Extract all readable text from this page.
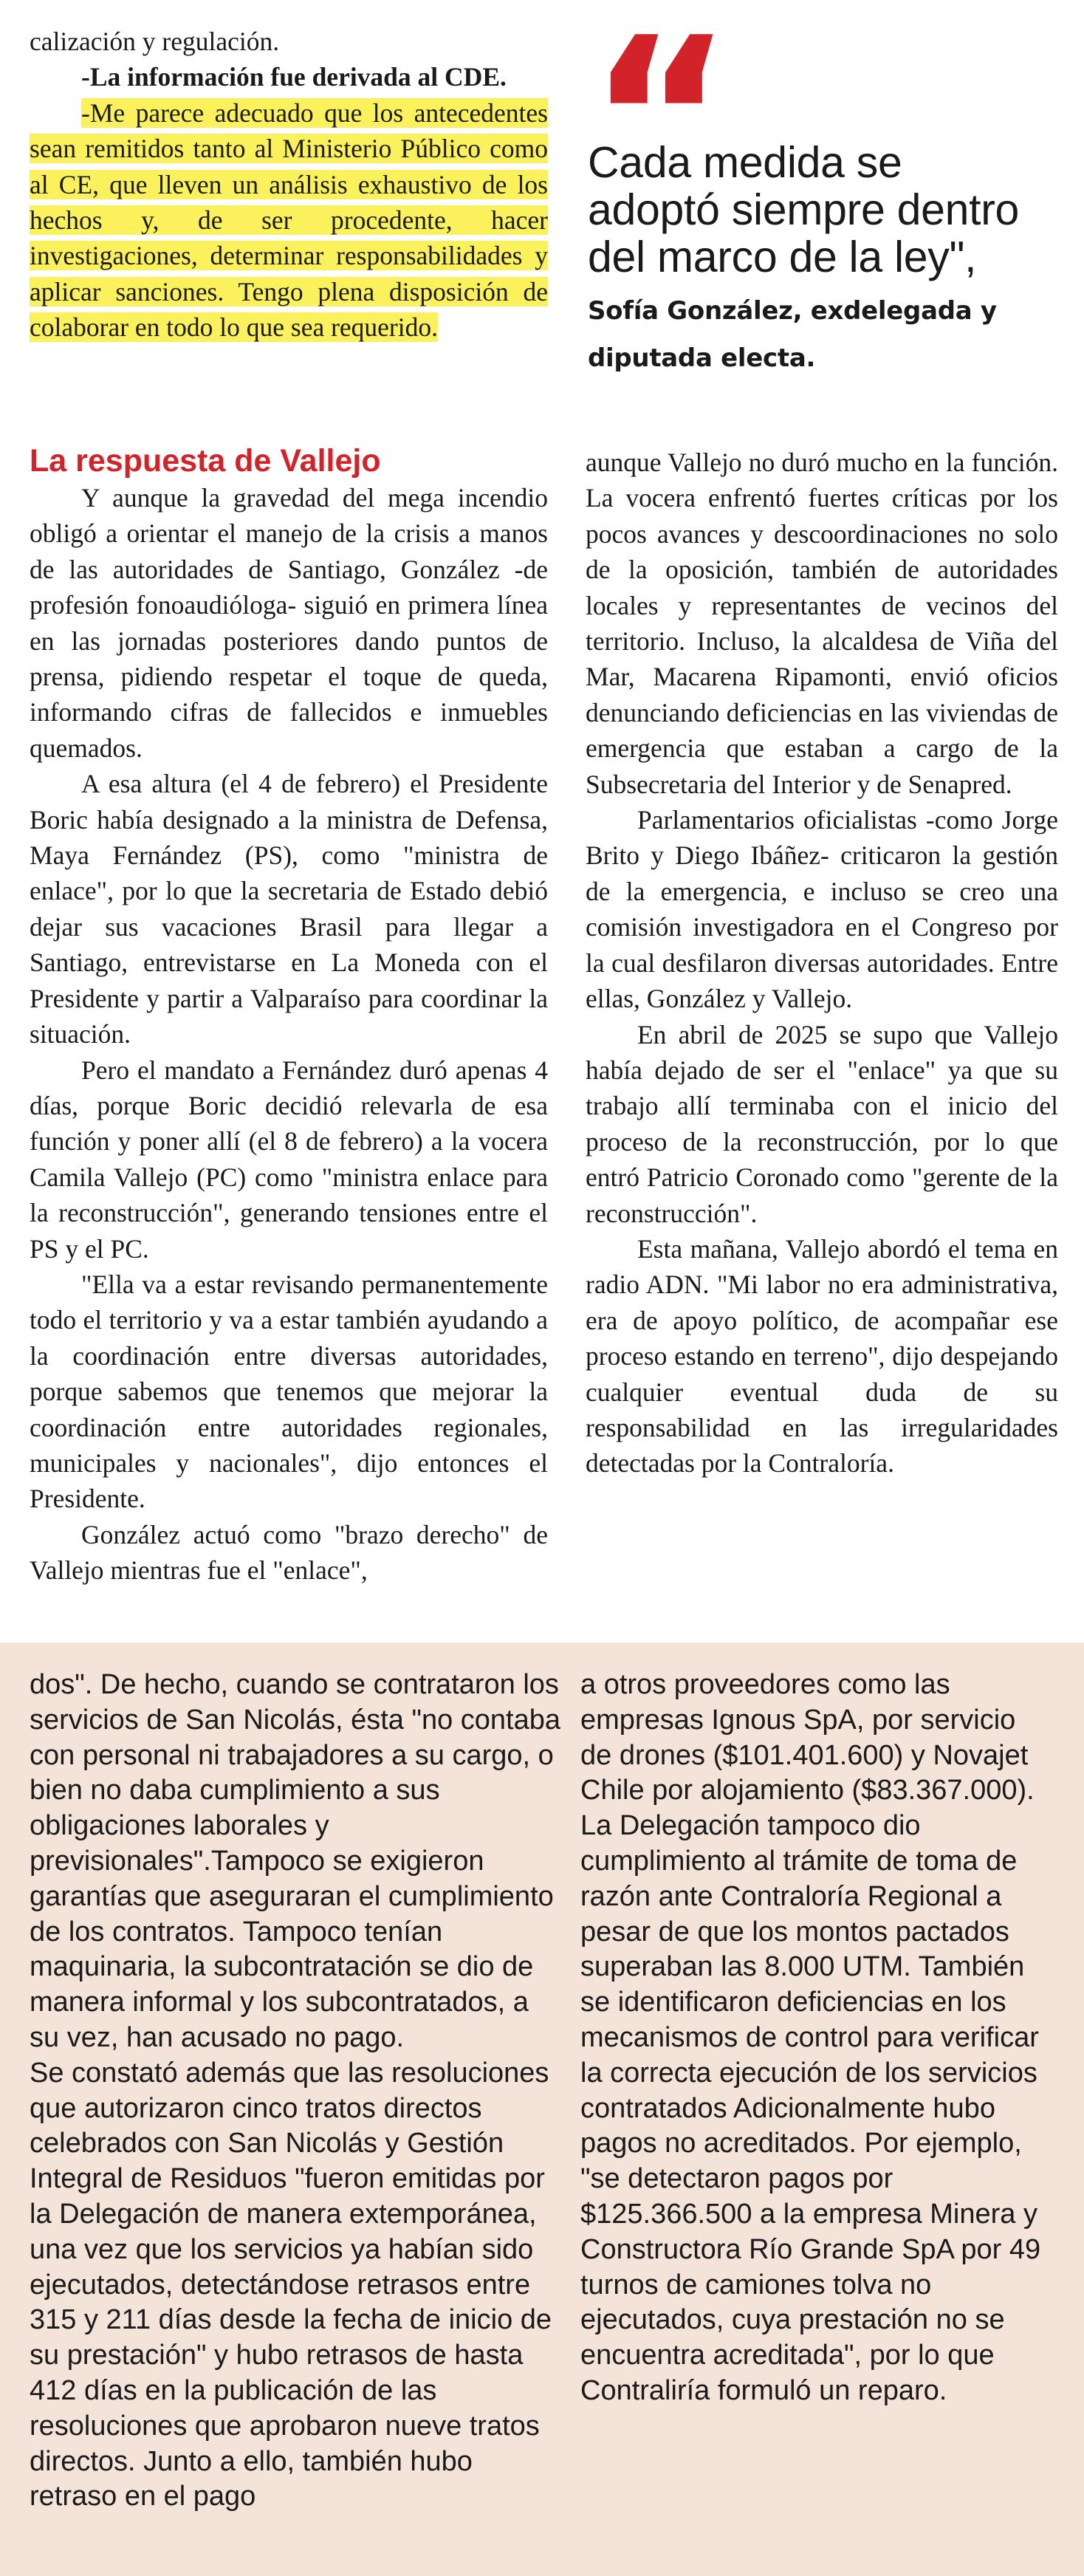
calización y regulación.

-La información fue derivada al CDE.

-Me parece adecuado que los antecedentes sean remitidos tanto al Ministerio Público como al CE, que lleven un análisis exhaustivo de los hechos y, de ser procedente, hacer investigaciones, determinar responsabilidades y aplicar sanciones. Tengo plena disposición de colaborar en todo lo que sea requerido.

Cada medida se adoptó siempre dentro del marco de la ley", Sofía González, exdelegada y diputada electa.
La respuesta de Vallejo

Y aunque la gravedad del mega incendio obligó a orientar el manejo de la crisis a manos de las autoridades de Santiago, González -de profesión fonoaudióloga- siguió en primera línea en las jornadas posteriores dando puntos de prensa, pidiendo respetar el toque de queda, informando cifras de fallecidos e inmuebles quemados.

A esa altura (el 4 de febrero) el Presidente Boric había designado a la ministra de Defensa, Maya Fernández (PS), como "ministra de enlace", por lo que la secretaria de Estado debió dejar sus vacaciones Brasil para llegar a Santiago, entrevistarse en La Moneda con el Presidente y partir a Valparaíso para coordinar la situación.

Pero el mandato a Fernández duró apenas 4 días, porque Boric decidió relevarla de esa función y poner allí (el 8 de febrero) a la vocera Camila Vallejo (PC) como "ministra enlace para la reconstrucción", generando tensiones entre el PS y el PC.

"Ella va a estar revisando permanentemente todo el territorio y va a estar también ayudando a la coordinación entre diversas autoridades, porque sabemos que tenemos que mejorar la coordinación entre autoridades regionales, municipales y nacionales", dijo entonces el Presidente.

González actuó como "brazo derecho" de Vallejo mientras fue el "enlace",

aunque Vallejo no duró mucho en la función. La vocera enfrentó fuertes críticas por los pocos avances y descoordinaciones no solo de la oposición, también de autoridades locales y representantes de vecinos del territorio. Incluso, la alcaldesa de Viña del Mar, Macarena Ripamonti, envió oficios denunciando deficiencias en las viviendas de emergencia que estaban a cargo de la Subsecretaria del Interior y de Senapred.

Parlamentarios oficialistas -como Jorge Brito y Diego Ibáñez- criticaron la gestión de la emergencia, e incluso se creo una comisión investigadora en el Congreso por la cual desfilaron diversas autoridades. Entre ellas, González y Vallejo.

En abril de 2025 se supo que Vallejo había dejado de ser el "enlace" ya que su trabajo allí terminaba con el inicio del proceso de la reconstrucción, por lo que entró Patricio Coronado como "gerente de la reconstrucción".

Esta mañana, Vallejo abordó el tema en radio ADN. "Mi labor no era administrativa, era de apoyo político, de acompañar ese proceso estando en terreno", dijo despejando cualquier eventual duda de su responsabilidad en las irregularidades detectadas por la Contraloría.

dos". De hecho, cuando se contrataron los servicios de San Nicolás, ésta "no contaba con personal ni trabajadores a su cargo, o bien no daba cumplimiento a sus obligaciones laborales y previsionales".Tampoco se exigieron garantías que aseguraran el cumplimiento de los contratos. Tampoco tenían maquinaria, la subcontratación se dio de manera informal y los subcontratados, a su vez, han acusado no pago.

Se constató además que las resoluciones que autorizaron cinco tratos directos celebrados con San Nicolás y Gestión Integral de Residuos "fueron emitidas por la Delegación de manera extemporánea, una vez que los servicios ya habían sido ejecutados, detectándose retrasos entre 315 y 211 días desde la fecha de inicio de su prestación" y hubo retrasos de hasta 412 días en la publicación de las resoluciones que aprobaron nueve tratos directos. Junto a ello, también hubo retraso en el pago

a otros proveedores como las empresas Ignous SpA, por servicio de drones ($101.401.600) y Novajet Chile por alojamiento ($83.367.000). La Delegación tampoco dio cumplimiento al trámite de toma de razón ante Contraloría Regional a pesar de que los montos pactados superaban las 8.000 UTM. También se identificaron deficiencias en los mecanismos de control para verificar la correcta ejecución de los servicios contratados Adicionalmente hubo pagos no acreditados. Por ejemplo, "se detectaron pagos por $125.366.500 a la empresa Minera y Constructora Río Grande SpA por 49 turnos de camiones tolva no ejecutados, cuya prestación no se encuentra acreditada", por lo que Contraliría formuló un reparo.
